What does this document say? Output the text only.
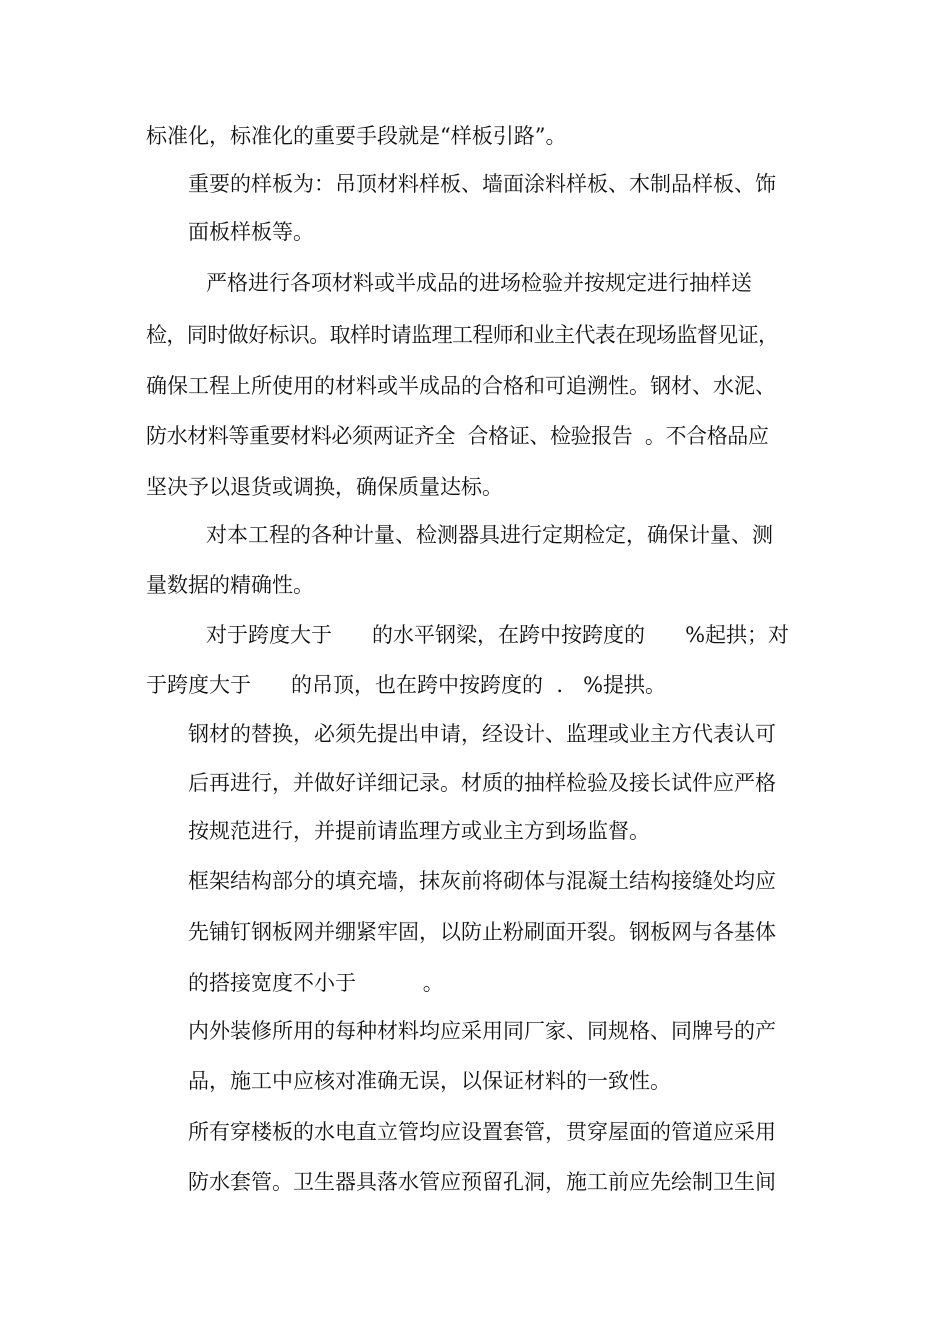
标准化，标准化的重要手段就是“样板引路”。

重要的样板为：吊顶材料样板、墙面涂料样板、木制品样板、饰

面板样板等。

严格进行各项材料或半成品的进场检验并按规定进行抽样送

检，同时做好标识。取样时请监理工程师和业主代表在现场监督见证，

确保工程上所使用的材料或半成品的合格和可追溯性。钢材、水泥、

防水材料等重要材料必须两证齐全  合格证、检验报告  。不合格品应

坚决予以退货或调换，确保质量达标。

对本工程的各种计量、检测器具进行定期检定，确保计量、测

量数据的精确性。

对于跨度大于      的水平钢梁，在跨中按跨度的      %起拱；对

于跨度大于      的吊顶，也在跨中按跨度的  .   %提拱。

钢材的替换，必须先提出申请，经设计、监理或业主方代表认可

后再进行，并做好详细记录。材质的抽样检验及接长试件应严格

按规范进行，并提前请监理方或业主方到场监督。

框架结构部分的填充墙，抹灰前将砌体与混凝土结构接缝处均应

先铺钉钢板网并绷紧牢固，以防止粉刷面开裂。钢板网与各基体

的搭接宽度不小于          。

内外装修所用的每种材料均应采用同厂家、同规格、同牌号的产

品，施工中应核对准确无误，以保证材料的一致性。

所有穿楼板的水电直立管均应设置套管，贯穿屋面的管道应采用

防水套管。卫生器具落水管应预留孔洞，施工前应先绘制卫生间
